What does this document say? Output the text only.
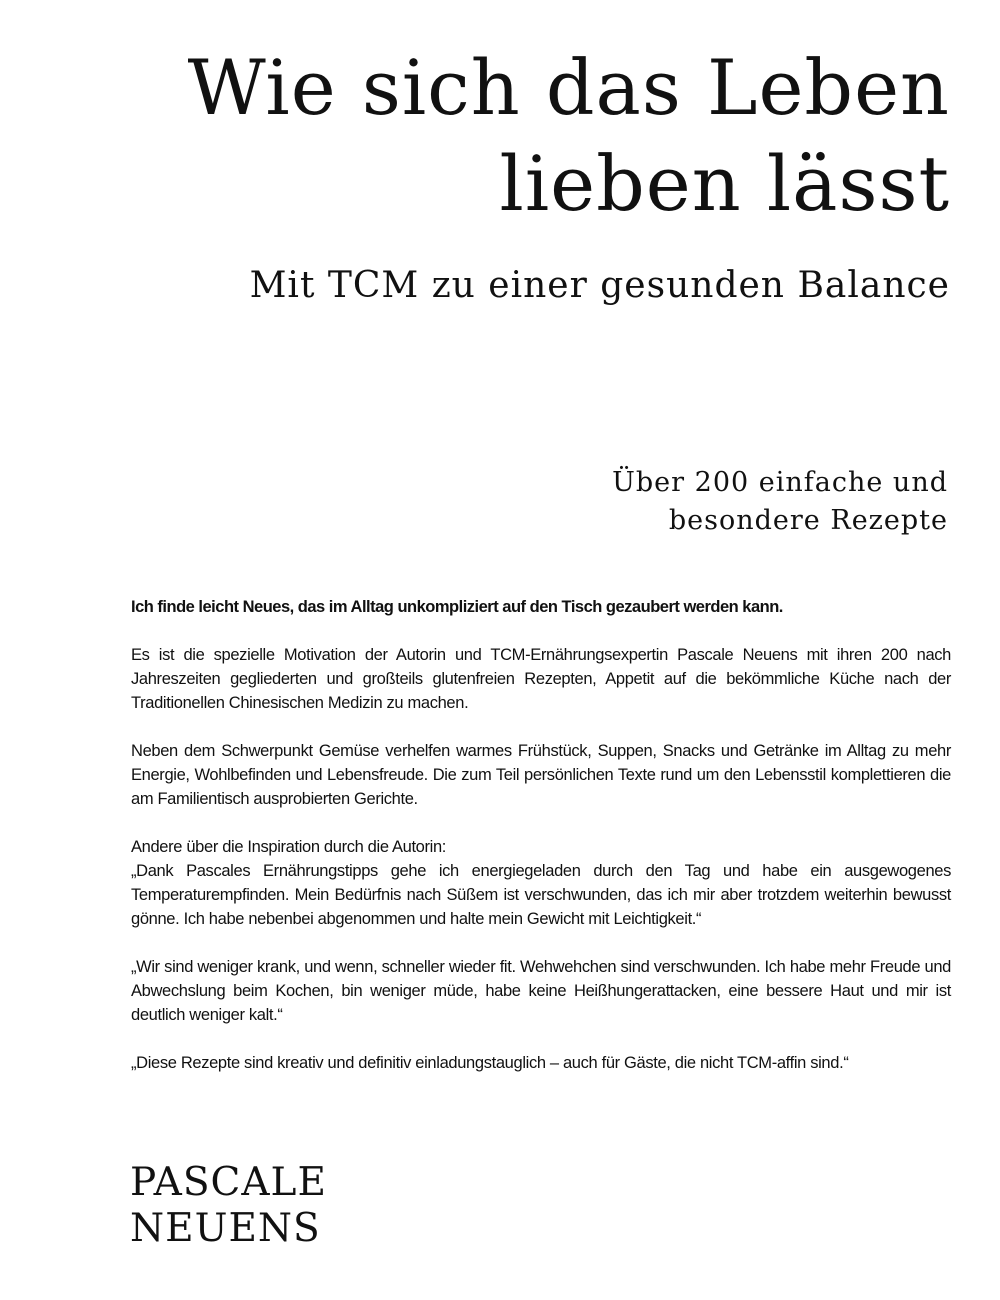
Wie sich das Leben
lieben lässt
Mit TCM zu einer gesunden Balance
Über 200 einfache und
besondere Rezepte

Ich finde leicht Neues, das im Alltag unkompliziert auf den Tisch gezaubert werden kann.

Es ist die spezielle Motivation der Autorin und TCM-Ernährungsexpertin Pascale Neuens mit ihren 200 nach Jahreszeiten gegliederten und großteils glutenfreien Rezepten, Appetit auf die bekömmliche Küche nach der Traditionellen Chinesischen Medizin zu machen.

Neben dem Schwerpunkt Gemüse verhelfen warmes Frühstück, Suppen, Snacks und Getränke im Alltag zu mehr Energie, Wohlbefinden und Lebensfreude. Die zum Teil persönlichen Texte rund um den Lebensstil komplettieren die am Familientisch ausprobierten Gerichte.

Andere über die Inspiration durch die Autorin:
„Dank Pascales Ernährungstipps gehe ich energiegeladen durch den Tag und habe ein ausgewogenes Temperaturempfinden. Mein Bedürfnis nach Süßem ist verschwunden, das ich mir aber trotzdem weiterhin bewusst gönne. Ich habe nebenbei abgenommen und halte mein Gewicht mit Leichtigkeit.“

„Wir sind weniger krank, und wenn, schneller wieder fit. Wehwehchen sind verschwunden. Ich habe mehr Freude und Abwechslung beim Kochen, bin weniger müde, habe keine Heißhungerattacken, eine bessere Haut und mir ist deutlich weniger kalt.“

„Diese Rezepte sind kreativ und definitiv einladungstauglich – auch für Gäste, die nicht TCM-affin sind.“

PASCALE
NEUENS
